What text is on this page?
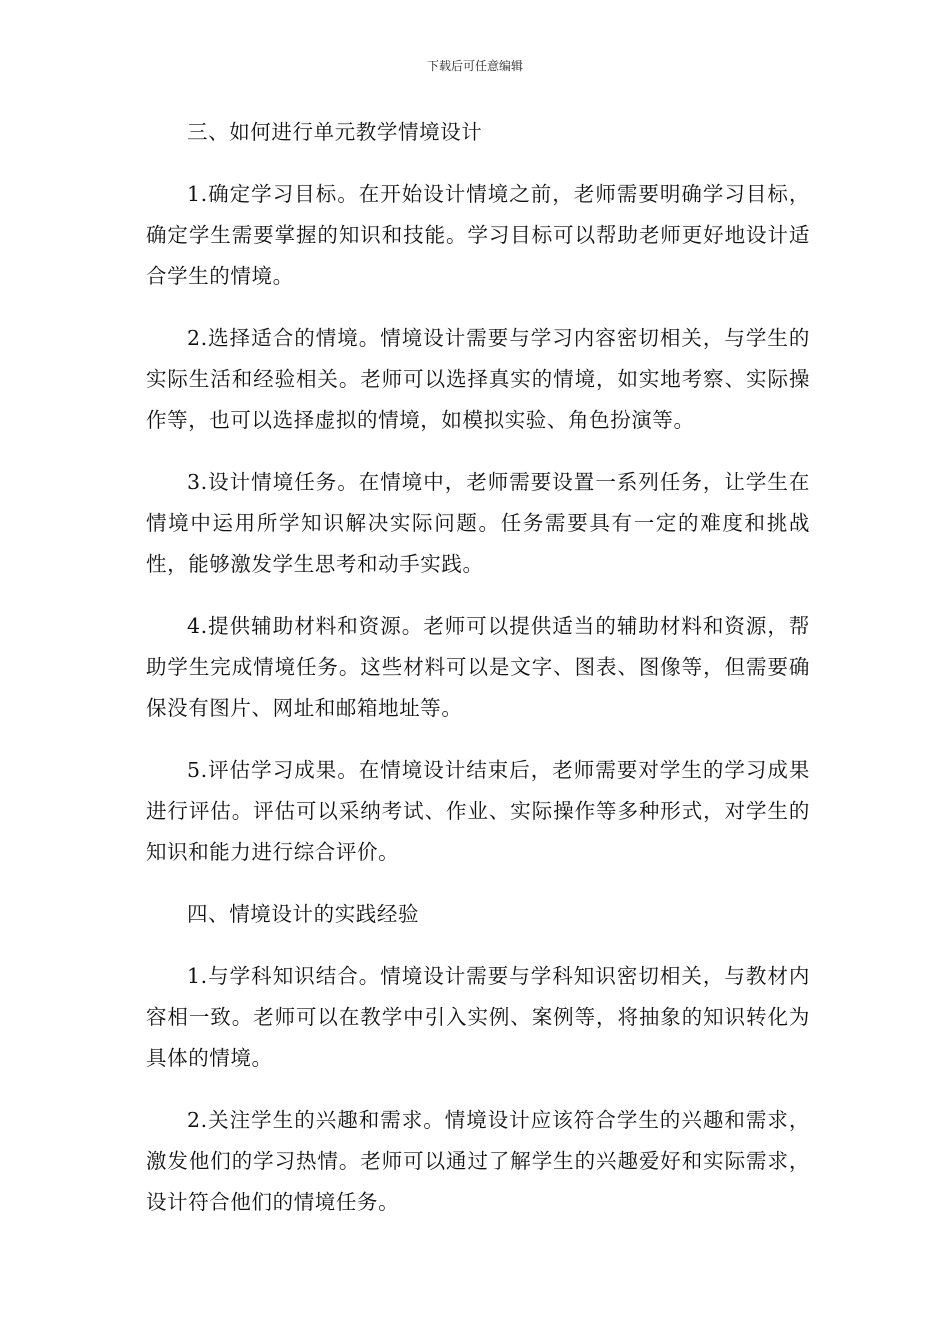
下载后可任意编辑

三、如何进行单元教学情境设计

1.确定学习目标。在开始设计情境之前，老师需要明确学习目标，确定学生需要掌握的知识和技能。学习目标可以帮助老师更好地设计适合学生的情境。

2.选择适合的情境。情境设计需要与学习内容密切相关，与学生的实际生活和经验相关。老师可以选择真实的情境，如实地考察、实际操作等，也可以选择虚拟的情境，如模拟实验、角色扮演等。

3.设计情境任务。在情境中，老师需要设置一系列任务，让学生在情境中运用所学知识解决实际问题。任务需要具有一定的难度和挑战性，能够激发学生思考和动手实践。

4.提供辅助材料和资源。老师可以提供适当的辅助材料和资源，帮助学生完成情境任务。这些材料可以是文字、图表、图像等，但需要确保没有图片、网址和邮箱地址等。

5.评估学习成果。在情境设计结束后，老师需要对学生的学习成果进行评估。评估可以采纳考试、作业、实际操作等多种形式，对学生的知识和能力进行综合评价。

四、情境设计的实践经验

1.与学科知识结合。情境设计需要与学科知识密切相关，与教材内容相一致。老师可以在教学中引入实例、案例等，将抽象的知识转化为具体的情境。

2.关注学生的兴趣和需求。情境设计应该符合学生的兴趣和需求，激发他们的学习热情。老师可以通过了解学生的兴趣爱好和实际需求，设计符合他们的情境任务。
